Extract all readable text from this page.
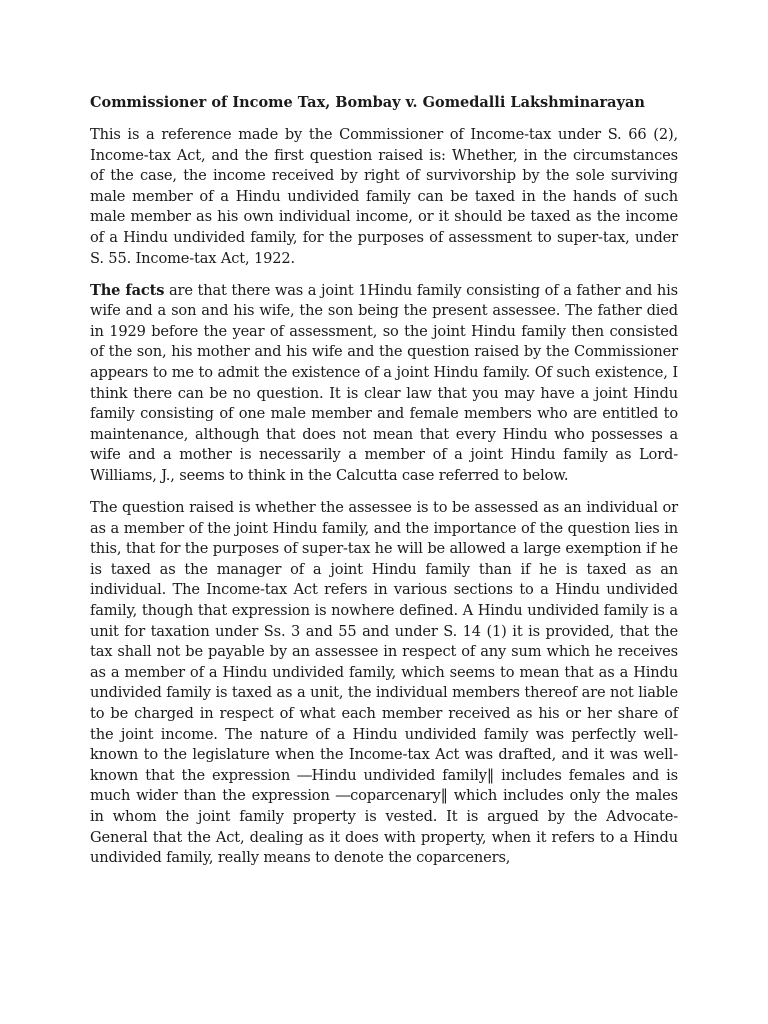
Commissioner of Income Tax, Bombay v. Gomedalli Lakshminarayan

This is a reference made by the Commissioner of Income-tax under S. 66 (2), Income-tax Act, and the first question raised is: Whether, in the circumstances of the case, the income received by right of survivorship by the sole surviving male member of a Hindu undivided family can be taxed in the hands of such male member as his own individual income, or it should be taxed as the income of a Hindu undivided family, for the purposes of assessment to super-tax, under S. 55. Income-tax Act, 1922.

The facts are that there was a joint 1Hindu family consisting of a father and his wife and a son and his wife, the son being the present assessee. The father died in 1929 before the year of assessment, so the joint Hindu family then consisted of the son, his mother and his wife and the question raised by the Commissioner appears to me to admit the existence of a joint Hindu family. Of such existence, I think there can be no question. It is clear law that you may have a joint Hindu family consisting of one male member and female members who are entitled to maintenance, although that does not mean that every Hindu who possesses a wife and a mother is necessarily a member of a joint Hindu family as Lord- Williams, J., seems to think in the Calcutta case referred to below.

The question raised is whether the assessee is to be assessed as an individual or as a member of the joint Hindu family, and the importance of the question lies in this, that for the purposes of super-tax he will be allowed a large exemption if he is taxed as the manager of a joint Hindu family than if he is taxed as an individual. The Income-tax Act refers in various sections to a Hindu undivided family, though that expression is nowhere defined. A Hindu undivided family is a unit for taxation under Ss. 3 and 55 and under S. 14 (1) it is provided, that the tax shall not be payable by an assessee in respect of any sum which he receives as a member of a Hindu undivided family, which seems to mean that as a Hindu undivided family is taxed as a unit, the individual members thereof are not liable to be charged in respect of what each member received as his or her share of the joint income. The nature of a Hindu undivided family was perfectly well-known to the legislature when the Income-tax Act was drafted, and it was well-known that the expression ―Hindu undivided family‖ includes females and is much wider than the expression ―coparcenary‖ which includes only the males in whom the joint family property is vested. It is argued by the Advocate-General that the Act, dealing as it does with property, when it refers to a Hindu undivided family, really means to denote the coparceners,
